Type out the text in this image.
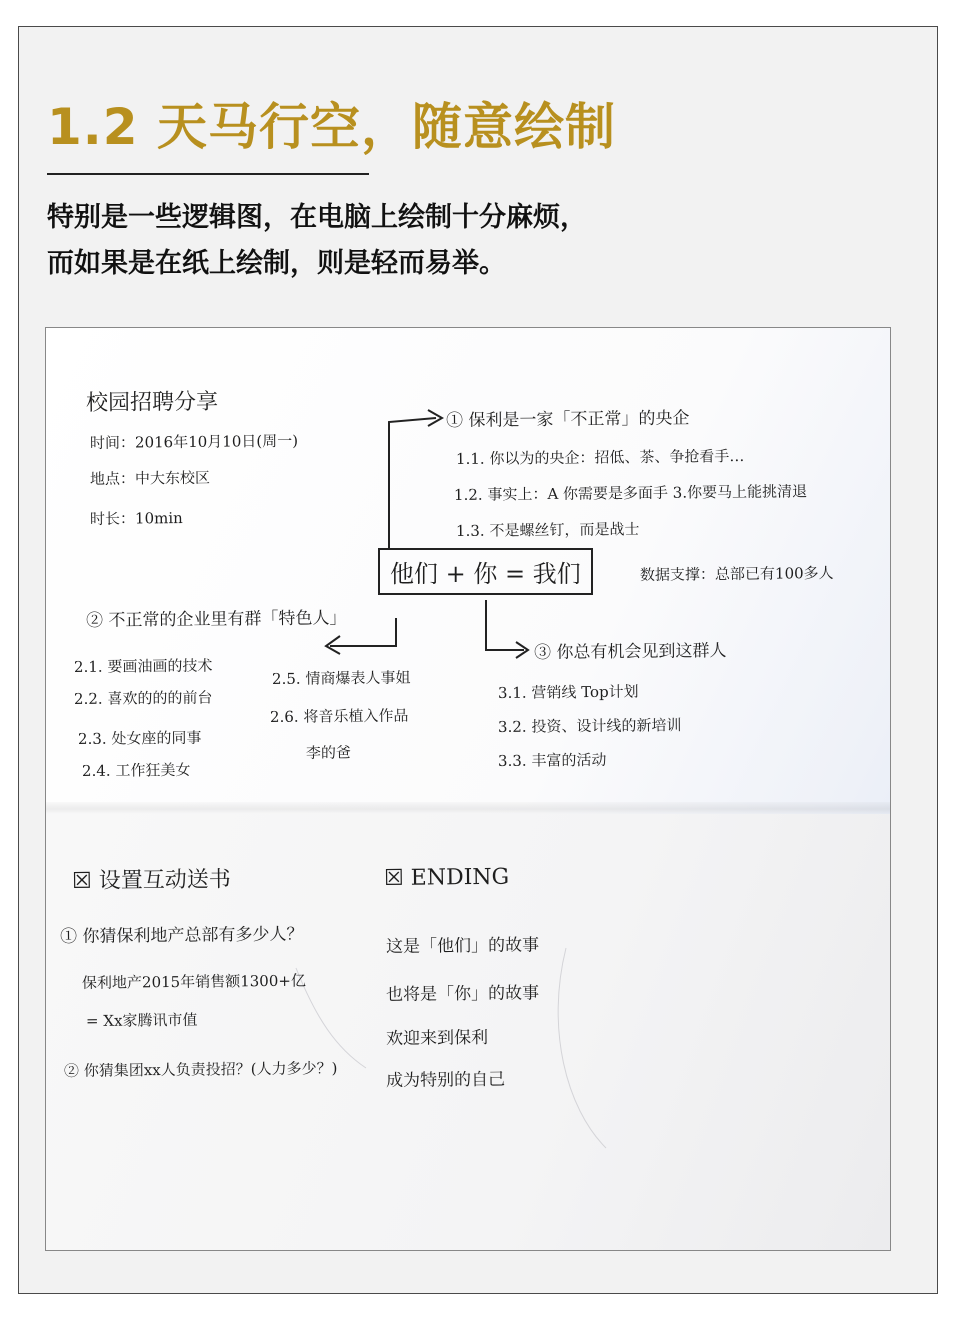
1.2 天马行空，随意绘制
特别是一些逻辑图，在电脑上绘制十分麻烦，
而如果是在纸上绘制，则是轻而易举。
校园招聘分享
时间：2016年10月10日(周一)
地点：中大东校区
时长：10min
① 保利是一家「不正常」的央企
1.1. 你以为的央企：招低、茶、争抢看手…
1.2. 事实上：A 你需要是多面手 3.你要马上能挑清退
1.3. 不是螺丝钉，而是战士
他们 + 你 = 我们	数据支撑：总部已有100多人
② 不正常的企业里有群「特色人」
2.1. 要画油画的技术
2.2. 喜欢的的的前台
2.3. 处女座的同事
2.4. 工作狂美女
2.5. 情商爆表人事姐
2.6. 将音乐植入作品
李的爸
③ 你总有机会见到这群人
3.1. 营销线 Top计划
3.2. 投资、设计线的新培训
3.3. 丰富的活动
☒ 设置互动送书
① 你猜保利地产总部有多少人？
保利地产2015年销售额1300+亿
= Xx家腾讯市值
② 你猜集团xx人负责投招？(人力多少？)
☒ ENDING
这是「他们」的故事
也将是「你」的故事
欢迎来到保利
成为特别的自己
